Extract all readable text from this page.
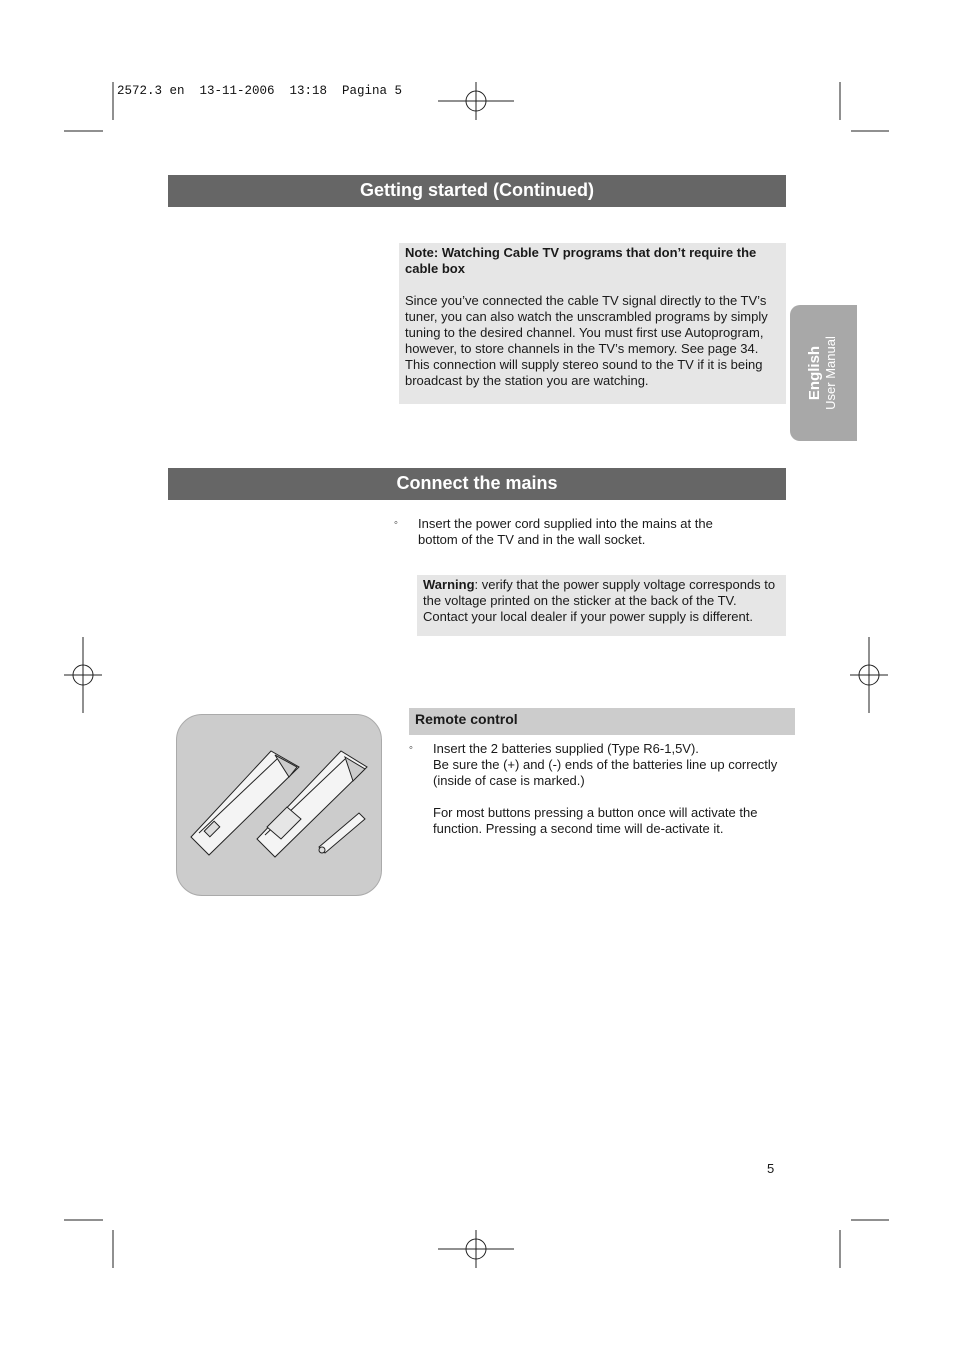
2572.3 en  13-11-2006  13:18  Pagina 5
Getting started (Continued)
Note: Watching Cable TV programs that don’t require the cable box
Since you’ve connected the cable TV signal directly to the TV’s tuner, you can also watch the unscrambled programs by simply tuning to the desired channel. You must first use Autoprogram, however, to store channels in the TV’s memory. See page 34. This connection will supply stereo sound to the TV if it is being broadcast by the station you are watching.	English User Manual
Connect the mains
◦ Insert the power cord supplied into the mains at the bottom of the TV and in the wall socket.
Warning: verify that the power supply voltage corresponds to the voltage printed on the sticker at the back of the TV. Contact your local dealer if your power supply is different.
Remote control
◦ Insert the 2 batteries supplied (Type R6-1,5V).
Be sure the (+) and (-) ends of the batteries line up correctly (inside of case is marked.)
For most buttons pressing a button once will activate the function. Pressing a second time will de-activate it.
5
